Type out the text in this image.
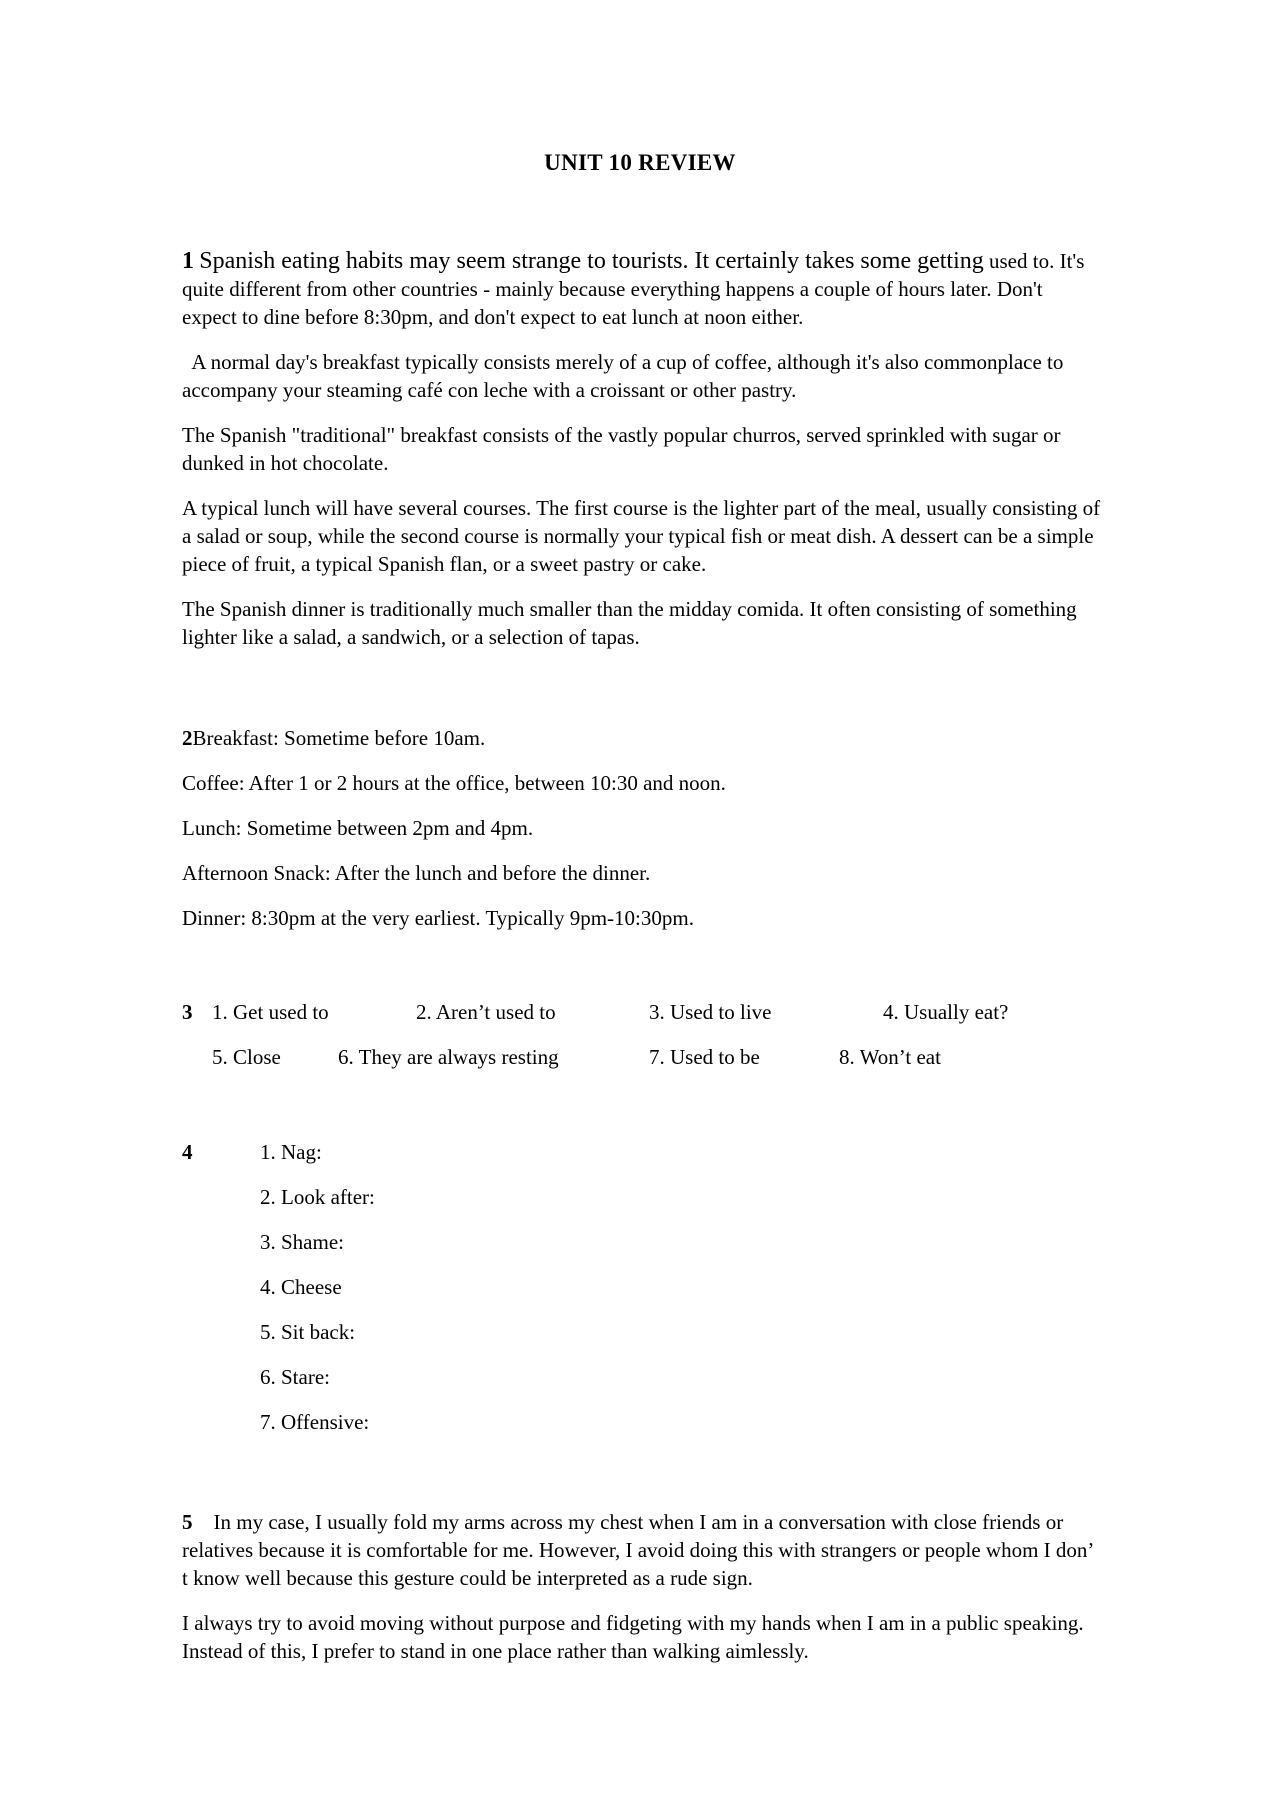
UNIT 10 REVIEW

1 Spanish eating habits may seem strange to tourists. It certainly takes some getting used to. It's quite different from other countries - mainly because everything happens a couple of hours later. Don't expect to dine before 8:30pm, and don't expect to eat lunch at noon either.

A normal day's breakfast typically consists merely of a cup of coffee, although it's also commonplace to accompany your steaming café con leche with a croissant or other pastry.

The Spanish "traditional" breakfast consists of the vastly popular churros, served sprinkled with sugar or dunked in hot chocolate.

A typical lunch will have several courses. The first course is the lighter part of the meal, usually consisting of a salad or soup, while the second course is normally your typical fish or meat dish. A dessert can be a simple piece of fruit, a typical Spanish flan, or a sweet pastry or cake.

The Spanish dinner is traditionally much smaller than the midday comida. It often consisting of something lighter like a salad, a sandwich, or a selection of tapas.

2Breakfast: Sometime before 10am.

Coffee: After 1 or 2 hours at the office, between 10:30 and noon.

Lunch: Sometime between 2pm and 4pm.

Afternoon Snack: After the lunch and before the dinner.

Dinner: 8:30pm at the very earliest. Typically 9pm-10:30pm.

3 1. Get used to	2. Aren’t used to	3. Used to live	4. Usually eat?
5. Close	6. They are always resting	7. Used to be	8. Won’t eat
4	1. Nag:
2. Look after:
3. Shame:
4. Cheese
5. Sit back:
6. Stare:
7. Offensive:

5 In my case, I usually fold my arms across my chest when I am in a conversation with close friends or relatives because it is comfortable for me. However, I avoid doing this with strangers or people whom I don’ t know well because this gesture could be interpreted as a rude sign.

I always try to avoid moving without purpose and fidgeting with my hands when I am in a public speaking. Instead of this, I prefer to stand in one place rather than walking aimlessly.
